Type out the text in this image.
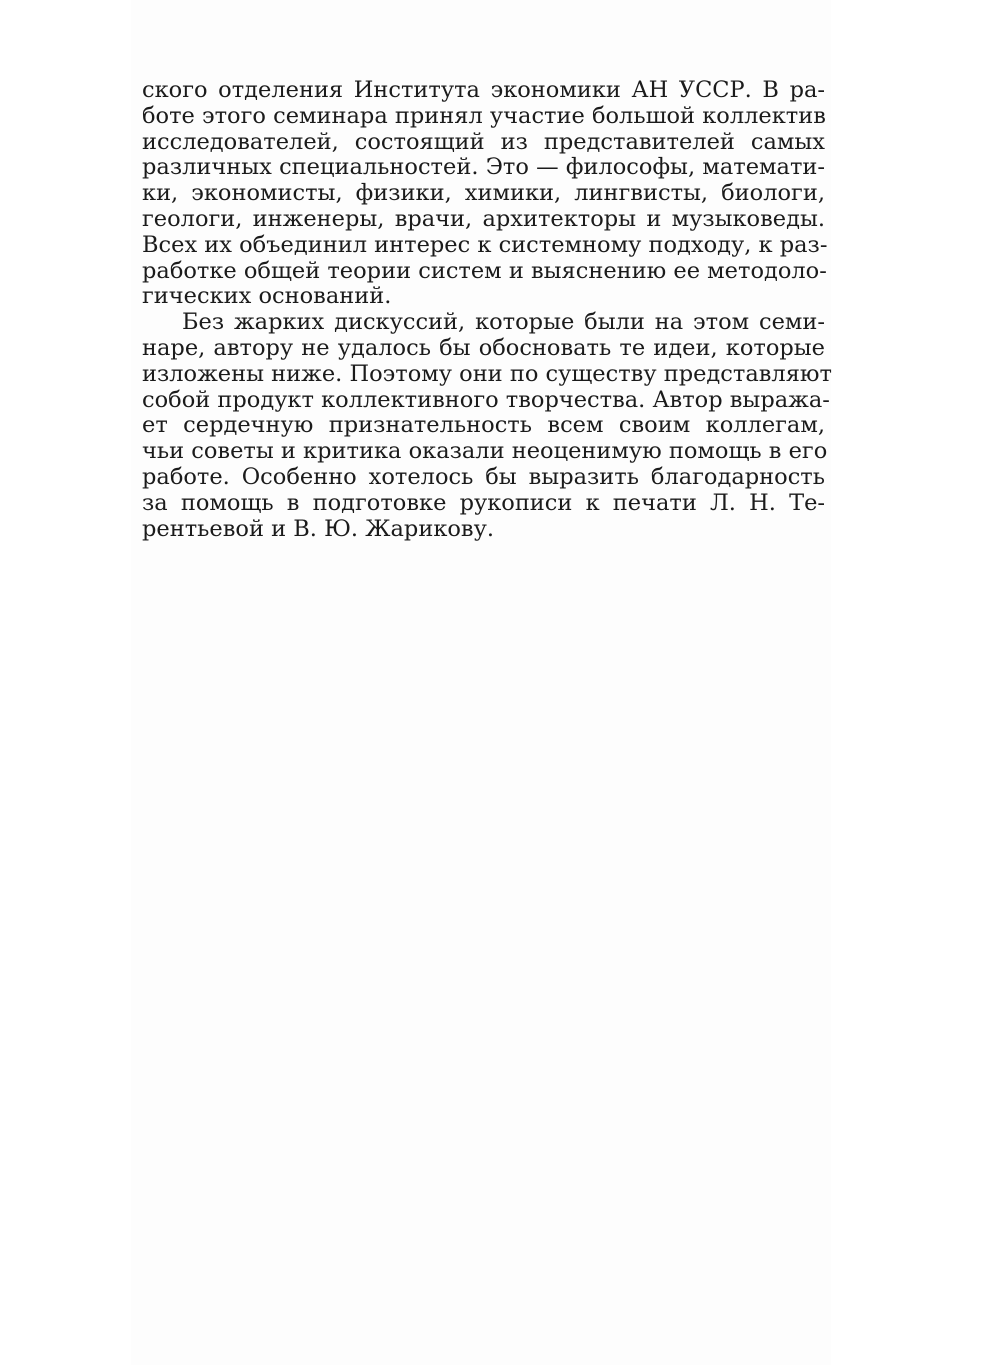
ского отделения Института экономики АН УССР. В ра-
боте этого семинара принял участие большой коллектив
исследователей, состоящий из представителей самых
различных специальностей. Это — философы, математи-
ки, экономисты, физики, химики, лингвисты, биологи,
геологи, инженеры, врачи, архитекторы и музыковеды.
Всех их объединил интерес к системному подходу, к раз-
работке общей теории систем и выяснению ее методоло-
гических оснований.
Без жарких дискуссий, которые были на этом семи-
наре, автору не удалось бы обосновать те идеи, которые
изложены ниже. Поэтому они по существу представляют
собой продукт коллективного творчества. Автор выража-
ет сердечную признательность всем своим коллегам,
чьи советы и критика оказали неоценимую помощь в его
работе. Особенно хотелось бы выразить благодарность
за помощь в подготовке рукописи к печати Л. Н. Те-
рентьевой и В. Ю. Жарикову.
